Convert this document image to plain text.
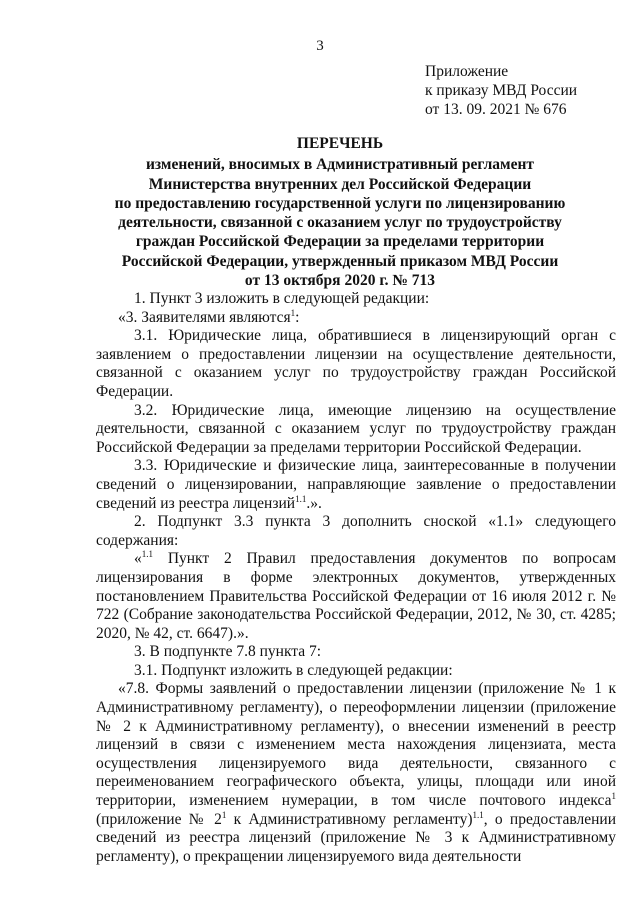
3
Приложение
к приказу МВД России
от 13. 09. 2021 № 676
ПЕРЕЧЕНЬ
изменений, вносимых в Административный регламент
Министерства внутренних дел Российской Федерации
по предоставлению государственной услуги по лицензированию
деятельности, связанной с оказанием услуг по трудоустройству
граждан Российской Федерации за пределами территории
Российской Федерации, утвержденный приказом МВД России
от 13 октября 2020 г. № 713

1. Пункт 3 изложить в следующей редакции:

«3. Заявителями являются$^1$:

3.1. Юридические лица, обратившиеся в лицензирующий орган с заявлением о предоставлении лицензии на осуществление деятельности, связанной с оказанием услуг по трудоустройству граждан Российской Федерации.

3.2. Юридические лица, имеющие лицензию на осуществление деятельности, связанной с оказанием услуг по трудоустройству граждан Российской Федерации за пределами территории Российской Федерации.

3.3. Юридические и физические лица, заинтересованные в получении сведений о лицензировании, направляющие заявление о предоставлении сведений из реестра лицензий$^{1.1}$.».

2. Подпункт 3.3 пункта 3 дополнить сноской «1.1» следующего содержания:

«$^{1.1}$ Пункт 2 Правил предоставления документов по вопросам лицензирования в форме электронных документов, утвержденных постановлением Правительства Российской Федерации от 16 июля 2012 г. № 722 (Собрание законодательства Российской Федерации, 2012, № 30, ст. 4285; 2020, № 42, ст. 6647).».

3. В подпункте 7.8 пункта 7:

3.1. Подпункт изложить в следующей редакции:

«7.8. Формы заявлений о предоставлении лицензии (приложение № 1 к Административному регламенту), о переоформлении лицензии (приложение № 2 к Административному регламенту), о внесении изменений в реестр лицензий в связи с изменением места нахождения лицензиата, места осуществления лицензируемого вида деятельности, связанного с переименованием географического объекта, улицы, площади или иной территории, изменением нумерации, в том числе почтового индекса$^1$ (приложение № $2^1$ к Административному регламенту)$^{1.1}$, о предоставлении сведений из реестра лицензий (приложение № 3 к Административному регламенту), о прекращении лицензируемого вида деятельности
